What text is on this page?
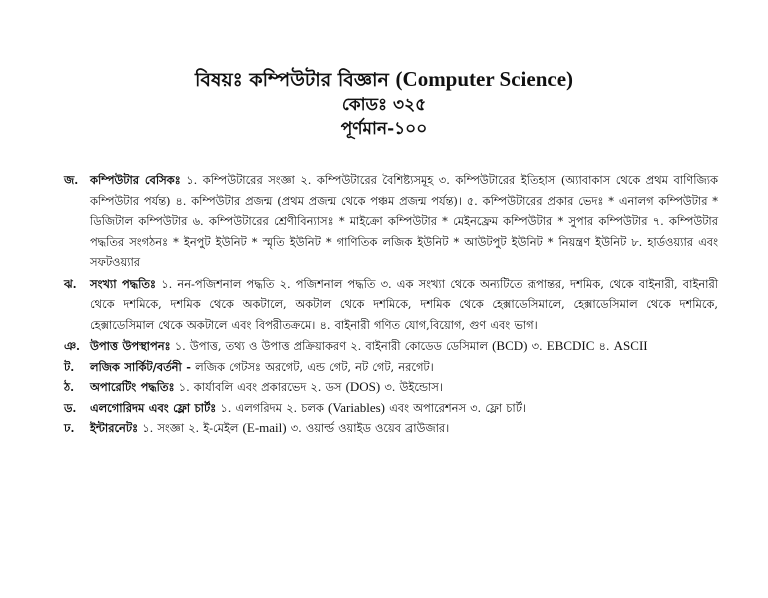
বিষয়ঃ কম্পিউটার বিজ্ঞান (Computer Science)
কোডঃ ৩২৫
পূর্ণমান-১০০
জ.	কম্পিউটার বেসিকঃ ১. কম্পিউটারের সংজ্ঞা ২. কম্পিউটারের বৈশিষ্ট্যসমূহ ৩. কম্পিউটারের ইতিহাস (অ্যাবাকাস থেকে প্রথম বাণিজ্যিক কম্পিউটার পর্যন্ত) ৪. কম্পিউটার প্রজন্ম (প্রথম প্রজন্ম থেকে পঞ্চম প্রজন্ম পর্যন্ত)। ৫. কম্পিউটারের প্রকার ভেদঃ * এনালগ কম্পিউটার * ডিজিটাল কম্পিউটার ৬. কম্পিউটারের শ্রেণীবিন্যাসঃ * মাইক্রো কম্পিউটার * মেইনফ্রেম কম্পিউটার * সুপার কম্পিউটার ৭. কম্পিউটার পদ্ধতির সংগঠনঃ * ইনপুট ইউনিট * স্মৃতি ইউনিট * গাণিতিক লজিক ইউনিট * আউটপুট ইউনিট * নিয়ন্ত্রণ ইউনিট ৮. হার্ডওয়্যার এবং সফটওয়্যার
ঝ.	সংখ্যা পদ্ধতিঃ ১. নন-পজিশনাল পদ্ধতি ২. পজিশনাল পদ্ধতি ৩. এক সংখ্যা থেকে অন্যটিতে রূপান্তর, দশমিক, থেকে বাইনারী, বাইনারী থেকে দশমিকে, দশমিক থেকে অকটালে, অকটাল থেকে দশমিকে, দশমিক থেকে হেক্সাডেসিমালে, হেক্সাডেসিমাল থেকে দশমিকে, হেক্সাডেসিমাল থেকে অকটালে এবং বিপরীতক্রমে। ৪. বাইনারী গণিত যোগ,বিয়োগ, গুণ এবং ভাগ।
ঞ. উপাত্ত উপস্থাপনঃ ১. উপাত্ত, তথ্য ও উপাত্ত প্রক্রিয়াকরণ ২. বাইনারী কোডেড ডেসিমাল (BCD) ৩. EBCDIC ৪. ASCII
ট.	লজিক সার্কিট/বর্তনী - লজিক গেটসঃ অরগেট, এন্ড গেট, নট গেট, নরগেট।
ঠ.	অপারেটিং পদ্ধতিঃ ১. কার্যাবলি এবং প্রকারভেদ ২. ডস (DOS) ৩. উইন্ডোস।
ড.	এলগোরিদম এবং ফ্লো চার্টঃ ১. এলগরিদম ২. চলক (Variables) এবং অপারেশনস ৩. ফ্লো চার্ট।
ঢ.	ইন্টারনেটঃ ১. সংজ্ঞা ২. ই-মেইল (E-mail) ৩. ওয়ার্ল্ড ওয়াইড ওয়েব ব্রাউজার।
